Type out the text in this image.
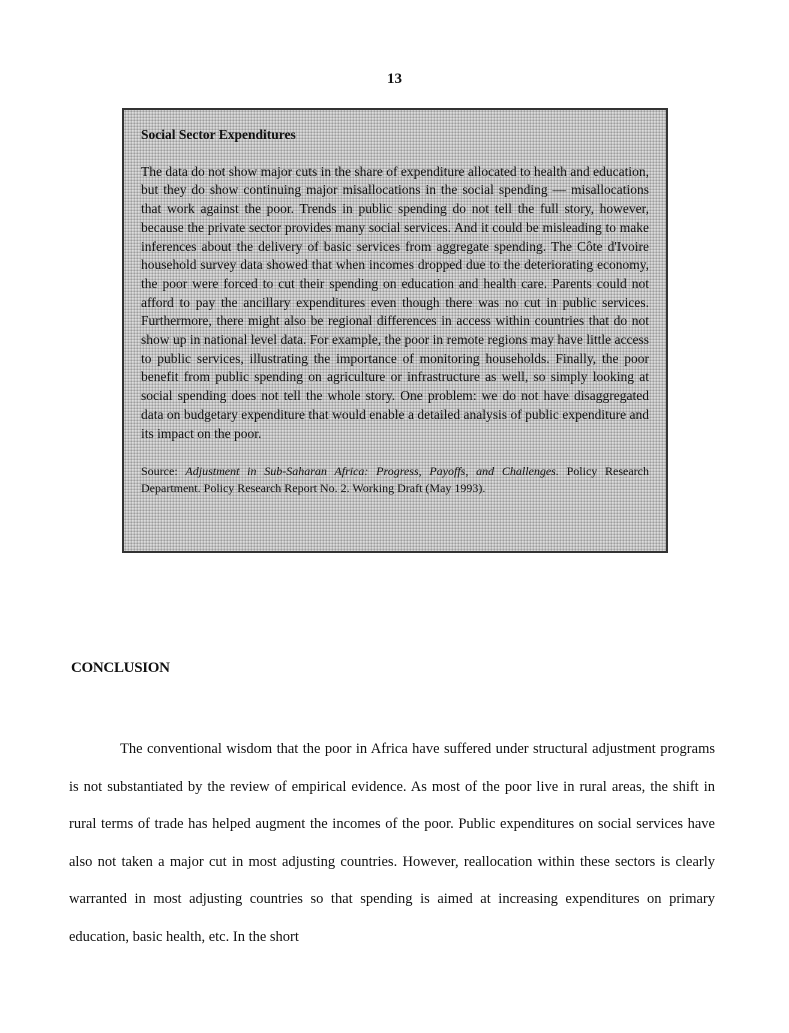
13
Social Sector Expenditures

The data do not show major cuts in the share of expenditure allocated to health and education, but they do show continuing major misallocations in the social spending — misallocations that work against the poor. Trends in public spending do not tell the full story, however, because the private sector provides many social services. And it could be misleading to make inferences about the delivery of basic services from aggregate spending. The Côte d'Ivoire household survey data showed that when incomes dropped due to the deteriorating economy, the poor were forced to cut their spending on education and health care. Parents could not afford to pay the ancillary expenditures even though there was no cut in public services. Furthermore, there might also be regional differences in access within countries that do not show up in national level data. For example, the poor in remote regions may have little access to public services, illustrating the importance of monitoring households. Finally, the poor benefit from public spending on agriculture or infrastructure as well, so simply looking at social spending does not tell the whole story. One problem: we do not have disaggregated data on budgetary expenditure that would enable a detailed analysis of public expenditure and its impact on the poor.

Source: Adjustment in Sub-Saharan Africa: Progress, Payoffs, and Challenges. Policy Research Department. Policy Research Report No. 2. Working Draft (May 1993).
CONCLUSION

The conventional wisdom that the poor in Africa have suffered under structural adjustment programs is not substantiated by the review of empirical evidence. As most of the poor live in rural areas, the shift in rural terms of trade has helped augment the incomes of the poor. Public expenditures on social services have also not taken a major cut in most adjusting countries. However, reallocation within these sectors is clearly warranted in most adjusting countries so that spending is aimed at increasing expenditures on primary education, basic health, etc. In the short
